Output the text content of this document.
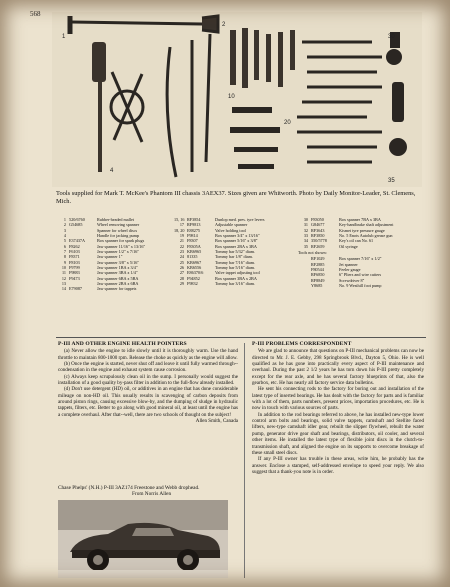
568
1
2
4
10
20
30
35
Tools supplied for Mark T. McKee's Phantom III chassis 3AEX37. Sizes given are Whitworth. Photo by Daily Monitor-Leader, St. Clemens, Mich.
1 520/6760	Rubber-headed mallet
2 G54685	Wheel removing spanner
3	Spanner for wheel discs
4	Handle for jacking pump
5 E37437A	Box spanner for spark plugs
6 F8262	Jaw spanner 11/16" x 13/16"
7 F6103	Jaw spanner 1/2" x 7/16"
8 F8371	Jaw spanner 1"
9 F8103	Jaw spanner 3/8" x 5/16"
10 F9799	Jaw spanner 1BA x 3/4"
11 F9883	Jaw spanner 3BA x 1/4"
12 F9473	Jaw spanner 6BA x 5BA
13	Jaw spanner 2BA x 6BA
14 E79087	Jaw spanner for tappets
15, 16 RF3854	Dunlop med. pres. tyre levers
17 RF9813	Adjustable spanner
18, 20 E88275	Valve holding tool
19 F9814	Box spanner 3/4" x 13/16"
21 F8307	Box spanner 5/16" x 3/8"
22 F8305A	Box spanner 2BA x 3BA
23 KB6965	Tommy bar 5/32" diam.
24 81335	Tommy bar 1/8" diam.
25 KB6967	Tommy bar 7/16" diam.
26 KB6556	Tommy bar 5/16" diam.
27 E86370/6	Valve tappet adjusting tool
28 F94852	Box spanner 3BA x 2BA
29 F9832	Tommy bar 3/16" diam.
30 F83050	Box spanner 7BA x 3BA
31 G84677	Key-handbrake shaft adjustment
32 RF3643	Kismet tyre pressure gauge
33 RF3850	No. 5 Enots Autolub grease gun
34 350/5778	Key's oil can No. 61
35 RF2659	Oil syringe
Tools not shown:
RF1029	Box spanner 7/16" x 1/2"
RF2885	Jet spanner
F80544	Feeler gauge
RF6850	6" Pliers and wire cutters
RF8849	Screwdriver 8"
Y8685	No. 9 Westhill foot pump
P-III AND OTHER ENGINE HEALTH POINTERS

(a) Never allow the engine to idle slowly until it is thoroughly warm. Use the hand throttle to maintain 800-1000 rpm. Release the choke as quickly as the engine will allow.

(b) Once the engine is started, never shut off and leave it until fully warmed through--condensation in the engine and exhaust system cause corrosion.

(c) Always keep scrupulously clean oil in the sump. I personally would suggest the installation of a good quality by-pass filter in addition to the full-flow already installed.

(d) Don't use detergent (HD) oil, or additives in an engine that has done considerable mileage on non-HD oil. This usually results in scavenging of carbon deposits from around piston rings, causing excessive blow-by, and the dumping of sludge in hydraulic tappets, filters, etc. Better to go along with good mineral oil, at least until the engine has a complete overhaul. After that--well, there are two schools of thought on the subject!

Allen Smith, Canada
Chase Phelps' (N.H.) P-III 3AZ174 Freestone and Webb drophead.
From Norris Allen
P-III PROBLEMS CORRESPONDENT

We are glad to announce that questions on P-III mechanical problems can now be directed to Mr. J. E. Gebby, 298 Springbrook Blvd., Dayton 5, Ohio. He is well qualified as he has gone into practically every aspect of P-III maintenance and overhaul. During the past 2 1/2 years he has torn down his P-III pretty completely except for the rear axle, and he has several factory blueprints of that, also the gearbox, etc. He has nearly all factory service data bulletins.

He sent his connecting rods to the factory for boring out and installation of the latest type of inserted bearings. He has dealt with the factory for parts and is familiar with a lot of them, parts numbers, present prices, importation procedures, etc. He is now in touch with various sources of parts.

In addition to the rod bearings referred to above, he has installed new-type lower control arm bolts and bearings, solid valve tappets, camshaft and Stellite faced lifters, new-type camshaft idler gear, rebuilt the slipper flywheel, rebuilt the water pump, generator drive gear shaft and bearings, distributors, oil cooler, and several other items. He installed the latest type of flexible joint discs in the clutch-to-transmission shaft, and aligned the engine on its supports to overcome breakage of these small steel discs.

If any P-III owner has trouble in these areas, write him, he probably has the answer. Enclose a stamped, self-addressed envelope to speed your reply. We also suggest that a thank-you note is in order.
